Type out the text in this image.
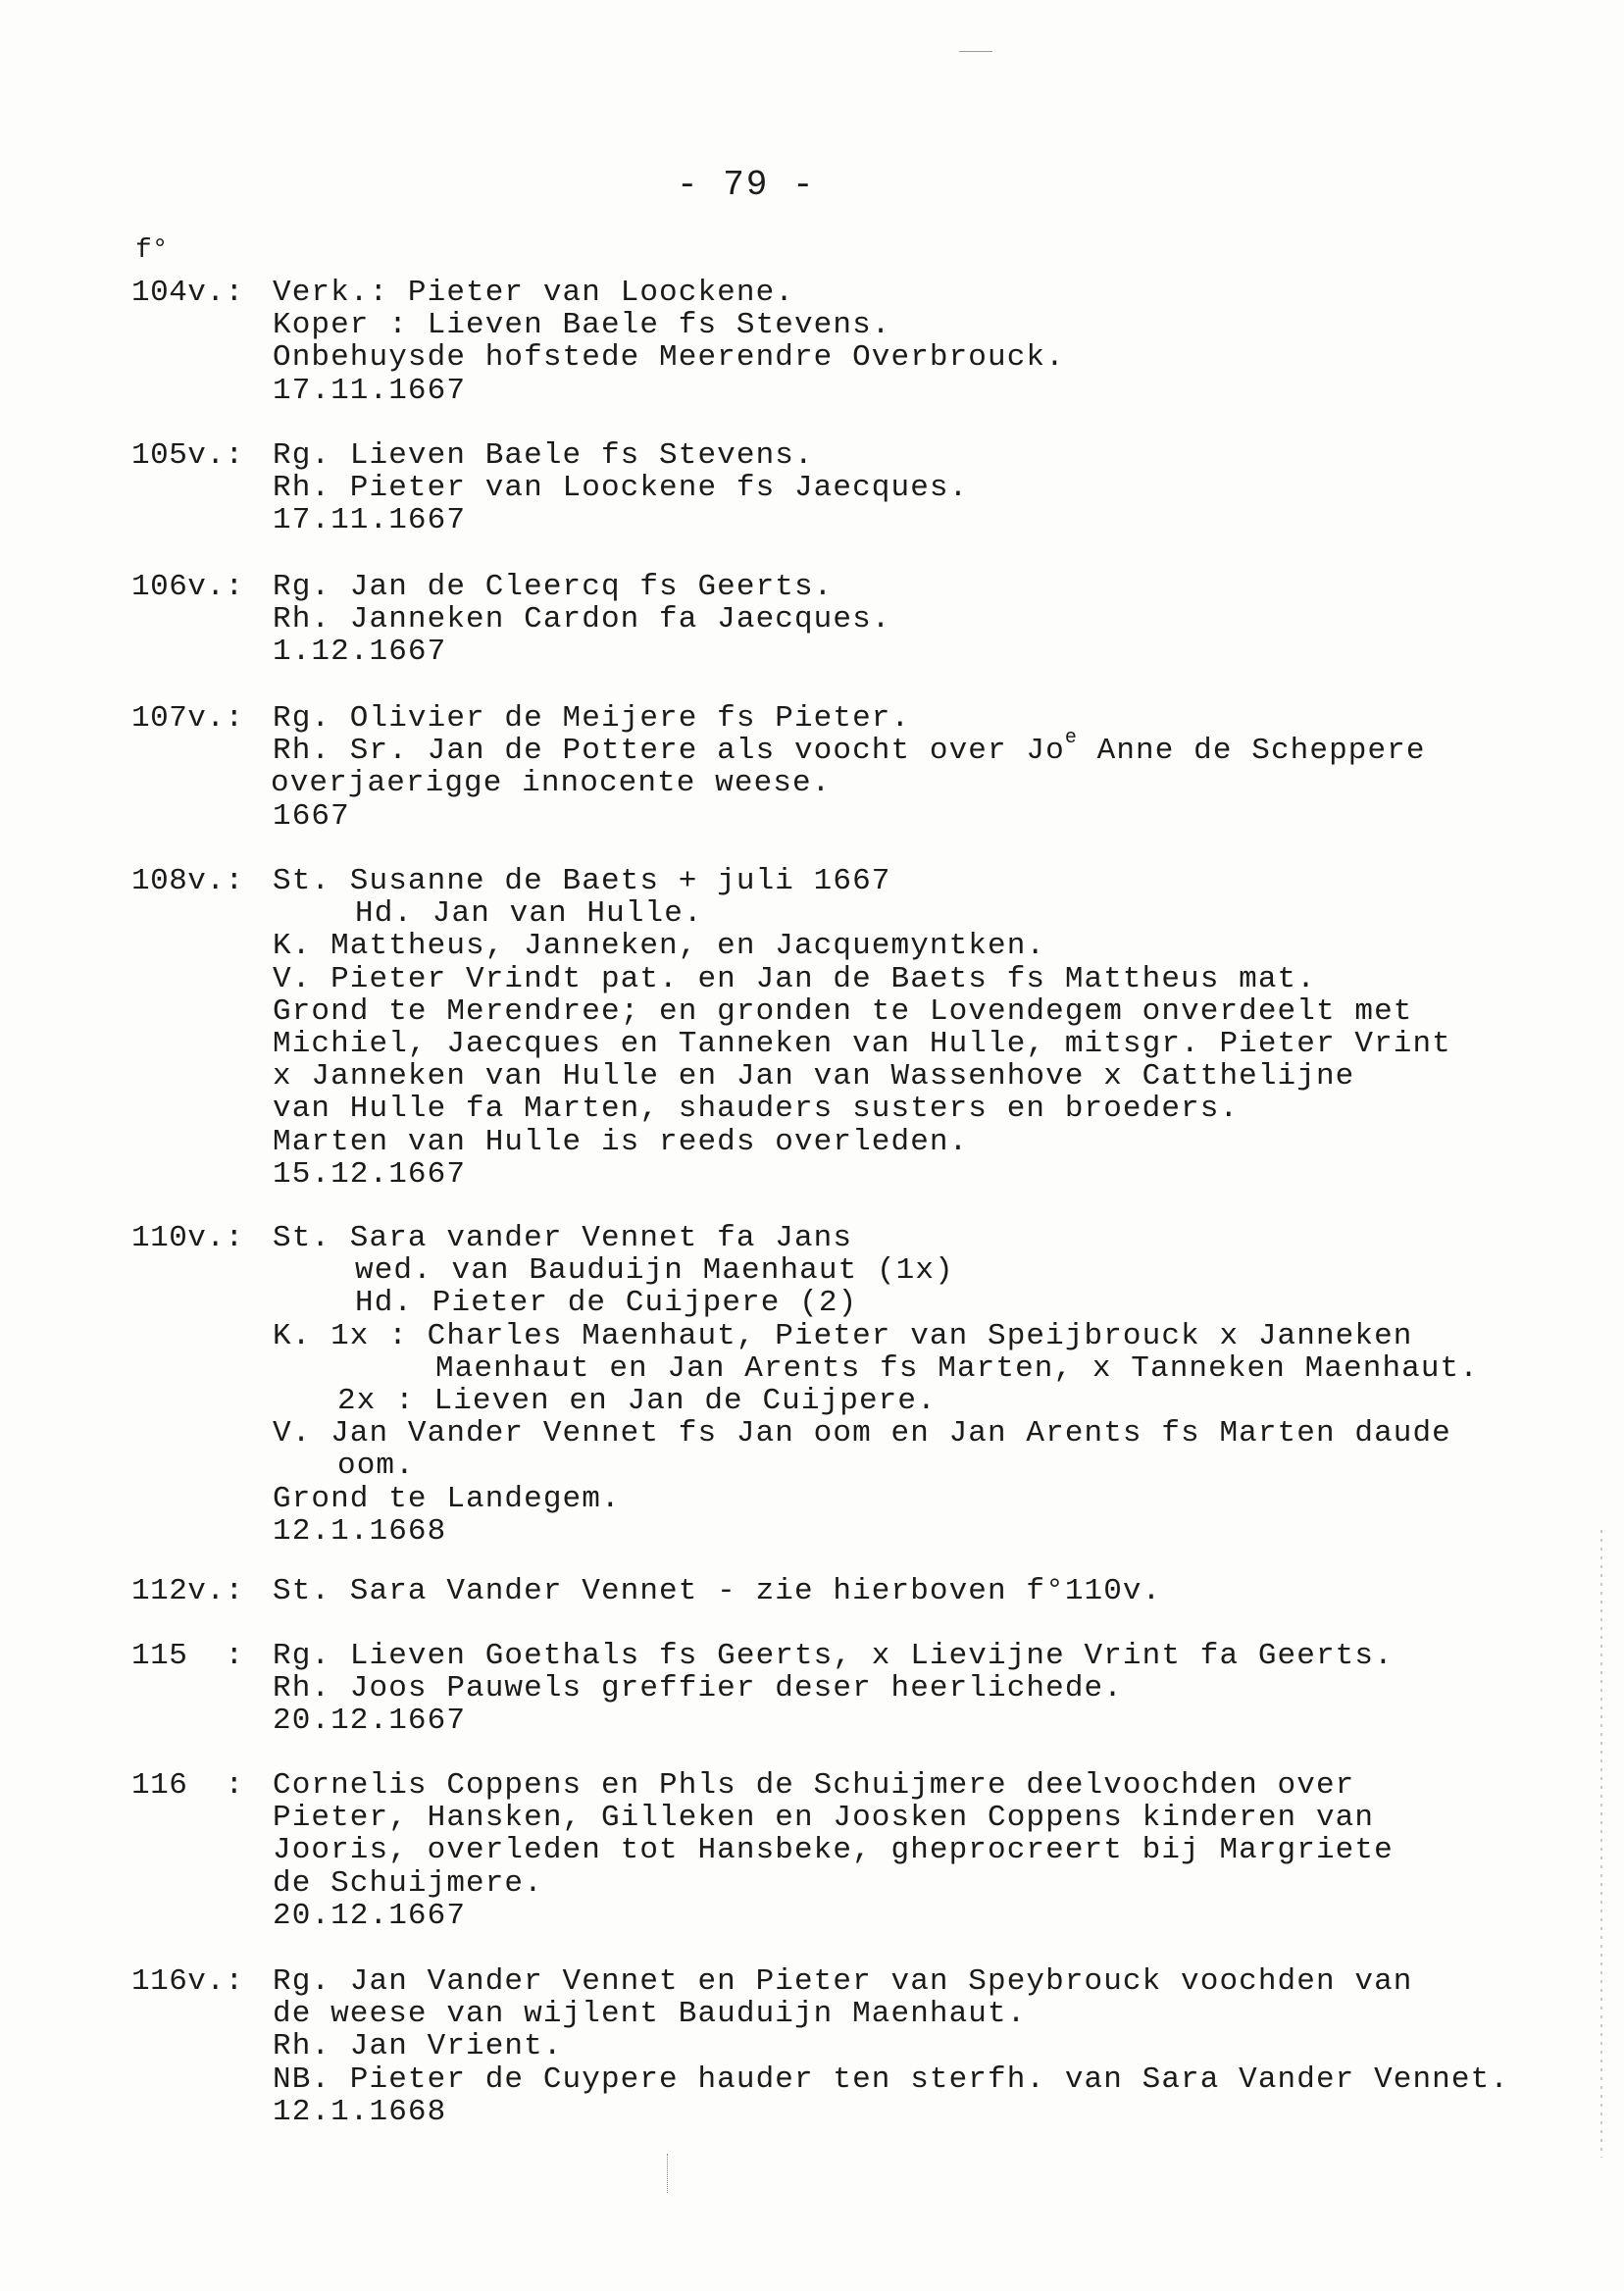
- 79 -
f°
104v.: Verk.: Pieter van Loockene.
Koper : Lieven Baele fs Stevens.
Onbehuysde hofstede Meerendre Overbrouck.
17.11.1667
105v.: Rg. Lieven Baele fs Stevens.
Rh. Pieter van Loockene fs Jaecques.
17.11.1667
106v.: Rg. Jan de Cleercq fs Geerts.
Rh. Janneken Cardon fa Jaecques.
1.12.1667
107v.: Rg. Olivier de Meijere fs Pieter.
Rh. Sr. Jan de Pottere als voocht over Jo$^e$ Anne de Scheppere
overjaerigge innocente weese.
1667
108v.: St. Susanne de Baets + juli 1667
Hd. Jan van Hulle.
K. Mattheus, Janneken, en Jacquemyntken.
V. Pieter Vrindt pat. en Jan de Baets fs Mattheus mat.
Grond te Merendree; en gronden te Lovendegem onverdeelt met
Michiel, Jaecques en Tanneken van Hulle, mitsgr. Pieter Vrint
x Janneken van Hulle en Jan van Wassenhove x Catthelijne
van Hulle fa Marten, shauders susters en broeders.
Marten van Hulle is reeds overleden.
15.12.1667
110v.: St. Sara vander Vennet fa Jans
wed. van Bauduijn Maenhaut (1x)
Hd. Pieter de Cuijpere (2)
K. 1x : Charles Maenhaut, Pieter van Speijbrouck x Janneken
Maenhaut en Jan Arents fs Marten, x Tanneken Maenhaut.
2x : Lieven en Jan de Cuijpere.
V. Jan Vander Vennet fs Jan oom en Jan Arents fs Marten daude
oom.
Grond te Landegem.
12.1.1668
112v.: St. Sara Vander Vennet - zie hierboven f°110v.
115  : Rg. Lieven Goethals fs Geerts, x Lievijne Vrint fa Geerts.
Rh. Joos Pauwels greffier deser heerlichede.
20.12.1667
116  : Cornelis Coppens en Phls de Schuijmere deelvoochden over
Pieter, Hansken, Gilleken en Joosken Coppens kinderen van
Jooris, overleden tot Hansbeke, gheprocreert bij Margriete
de Schuijmere.
20.12.1667
116v.: Rg. Jan Vander Vennet en Pieter van Speybrouck voochden van
de weese van wijlent Bauduijn Maenhaut.
Rh. Jan Vrient.
NB. Pieter de Cuypere hauder ten sterfh. van Sara Vander Vennet.
12.1.1668
